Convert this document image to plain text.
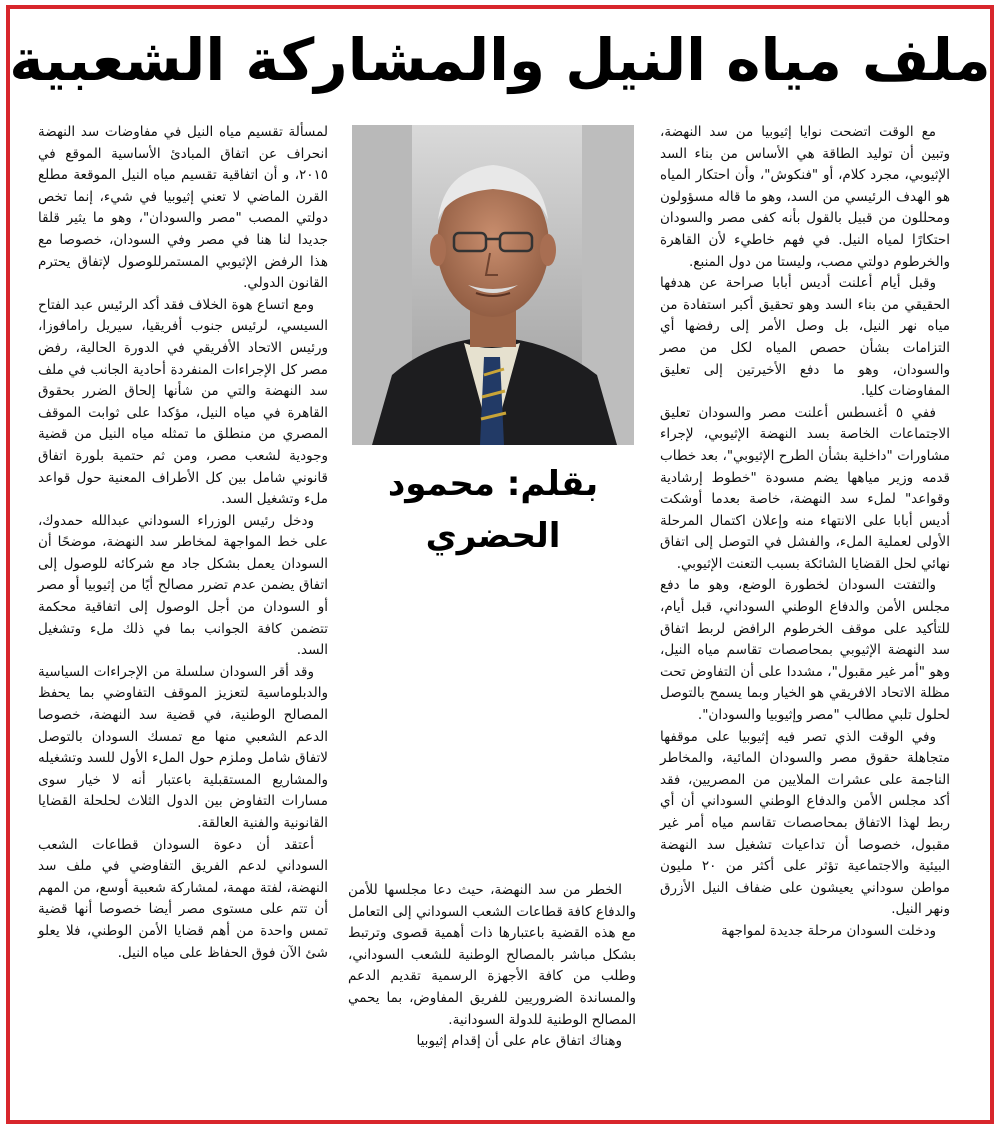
ملف مياه النيل والمشاركة الشعبية

مع الوقت اتضحت نوايا إثيوبيا من سد النهضة، وتبين أن توليد الطاقة هي الأساس من بناء السد الإثيوبي، مجرد كلام، أو "فنكوش"، وأن احتكار المياه هو الهدف الرئيسي من السد، وهو ما قاله مسؤولون ومحللون من قبيل بالقول بأنه كفى مصر والسودان احتكارًا لمياه النيل. في فهم خاطيء لأن القاهرة والخرطوم دولتي مصب، وليستا من دول المنبع.

وقبل أيام أعلنت أديس أبابا صراحة عن هدفها الحقيقي من بناء السد وهو تحقيق أكبر استفادة من مياه نهر النيل، بل وصل الأمر إلى رفضها أي التزامات بشأن حصص المياه لكل من مصر والسودان، وهو ما دفع الأخيرتين إلى تعليق المفاوضات كليا.

ففي ٥ أغسطس أعلنت مصر والسودان تعليق الاجتماعات الخاصة بسد النهضة الإثيوبي، لإجراء مشاورات "داخلية بشأن الطرح الإثيوبي"، بعد خطاب قدمه وزير مياهها يضم مسودة "خطوط إرشادية وقواعد" لملء سد النهضة، خاصة بعدما أوشكت أديس أبابا على الانتهاء منه وإعلان اكتمال المرحلة الأولى لعملية الملء، والفشل في التوصل إلى اتفاق نهائي لحل القضايا الشائكة بسبب التعنت الإثيوبي.

والتفتت السودان لخطورة الوضع، وهو ما دفع مجلس الأمن والدفاع الوطني السوداني، قبل أيام، للتأكيد على موقف الخرطوم الرافض لربط اتفاق سد النهضة الإثيوبي بمحاصصات تقاسم مياه النيل، وهو "أمر غير مقبول"، مشددا على أن التفاوض تحت مظلة الاتحاد الافريقي هو الخيار وبما يسمح بالتوصل لحلول تلبي مطالب "مصر وإثيوبيا والسودان".

وفي الوقت الذي تصر فيه إثيوبيا على موقفها متجاهلة حقوق مصر والسودان المائية، والمخاطر الناجمة على عشرات الملايين من المصريين، فقد أكد مجلس الأمن والدفاع الوطني السوداني أن أي ربط لهذا الاتفاق بمحاصصات تقاسم مياه أمر غير مقبول، خصوصا أن تداعيات تشغيل سد النهضة البيئية والاجتماعية تؤثر على أكثر من ٢٠ مليون مواطن سوداني يعيشون على ضفاف النيل الأزرق ونهر النيل.

ودخلت السودان مرحلة جديدة لمواجهة

بقلم: محمود الحضري

الخطر من سد النهضة، حيث دعا مجلسها للأمن والدفاع كافة قطاعات الشعب السوداني إلى التعامل مع هذه القضية باعتبارها ذات أهمية قصوى وترتبط بشكل مباشر بالمصالح الوطنية للشعب السوداني، وطلب من كافة الأجهزة الرسمية تقديم الدعم والمساندة الضروريين للفريق المفاوض، بما يحمي المصالح الوطنية للدولة السودانية.

وهناك اتفاق عام على أن إقدام إثيوبيا

لمسألة تقسيم مياه النيل في مفاوضات سد النهضة انحراف عن اتفاق المبادئ الأساسية الموقع في ٢٠١٥، و أن اتفاقية تقسيم مياه النيل الموقعة مطلع القرن الماضي لا تعني إثيوبيا في شيء، إنما تخص دولتي المصب "مصر والسودان"، وهو ما يثير قلقا جديدا لنا هنا في مصر وفي السودان، خصوصا مع هذا الرفض الإثيوبي المستمرللوصول لإتفاق يحترم القانون الدولي.

ومع اتساع هوة الخلاف فقد أكد الرئيس عبد الفتاح السيسي، لرئيس جنوب أفريقيا، سيريل رامافوزا، ورئيس الاتحاد الأفريقي في الدورة الحالية، رفض مصر كل الإجراءات المنفردة أحادية الجانب في ملف سد النهضة والتي من شأنها إلحاق الضرر بحقوق القاهرة في مياه النيل، مؤكدا على ثوابت الموقف المصري من منطلق ما تمثله مياه النيل من قضية وجودية لشعب مصر، ومن ثم حتمية بلورة اتفاق قانوني شامل بين كل الأطراف المعنية حول قواعد ملء وتشغيل السد.

ودخل رئيس الوزراء السوداني عبدالله حمدوك، على خط المواجهة لمخاطر سد النهضة، موضحًا أن السودان يعمل بشكل جاد مع شركائه للوصول إلى اتفاق يضمن عدم تضرر مصالح أيًا من إثيوبيا أو مصر أو السودان من أجل الوصول إلى اتفاقية محكمة تتضمن كافة الجوانب بما في ذلك ملء وتشغيل السد.

وقد أقر السودان سلسلة من الإجراءات السياسية والدبلوماسية لتعزيز الموقف التفاوضي بما يحفظ المصالح الوطنية، في قضية سد النهضة، خصوصا الدعم الشعبي منها مع تمسك السودان بالتوصل لاتفاق شامل وملزم حول الملء الأول للسد وتشغيله والمشاريع المستقبلية باعتبار أنه لا خيار سوى مسارات التفاوض بين الدول الثلاث لحلحلة القضايا القانونية والفنية العالقة.

أعتقد أن دعوة السودان قطاعات الشعب السوداني لدعم الفريق التفاوضي في ملف سد النهضة، لفتة مهمة، لمشاركة شعبية أوسع، من المهم أن تتم على مستوى مصر أيضا خصوصا أنها قضية تمس واحدة من أهم قضايا الأمن الوطني، فلا يعلو شئ الآن فوق الحفاظ على مياه النيل.
